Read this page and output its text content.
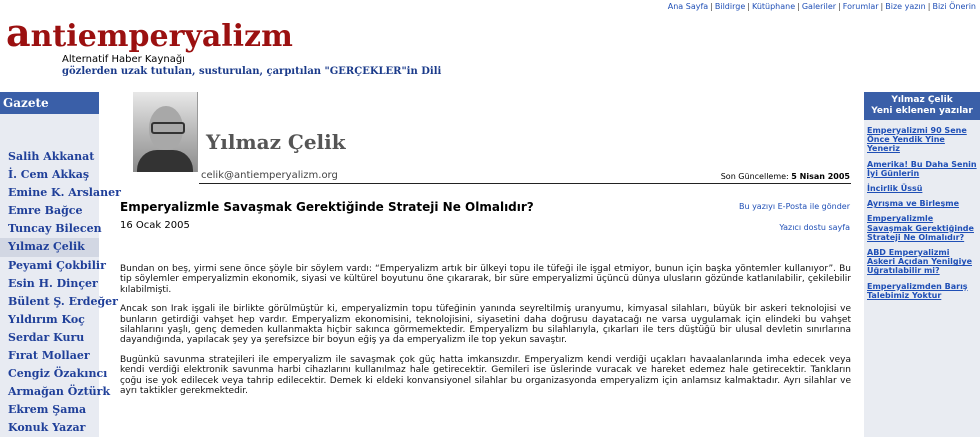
Ana Sayfa | Bildirge | Kütüphane | Galeriler | Forumlar | Bize yazın | Bizi Önerin
antiemperyalizm
Alternatif Haber Kaynağı
gözlerden uzak tutulan, susturulan, çarpıtılan "GERÇEKLER"in Dili
Gazete
Salih Akkanat
İ. Cem Akkaş
Emine K. Arslaner
Emre Bağce
Tuncay Bilecen
Yılmaz Çelik
Peyami Çokbilir
Esin H. Dinçer
Bülent Ş. Erdeğer
Yıldırım Koç
Serdar Kuru
Fırat Mollaer
Cengiz Özakıncı
Armağan Öztürk
Ekrem Şama
Konuk Yazar
Yılmaz Çelik
celik@antiemperyalizm.org	Son Güncelleme: 5 Nisan 2005
Emperyalizmle Savaşmak Gerektiğinde Strateji Ne Olmalıdır?
16 Ocak 2005
Bu yazıyı E-Posta ile gönder
Yazıcı dostu sayfa

Bundan on beş, yirmi sene önce şöyle bir söylem vardı: “Emperyalizm artık bir ülkeyi topu ile tüfeği ile işgal etmiyor, bunun için başka yöntemler kullanıyor”. Bu tip söylemler emperyalizmin ekonomik, siyasi ve kültürel boyutunu öne çıkararak, bir süre emperyalizmi üçüncü dünya ulusların gözünde katlanılabilir, çekilebilir kılabilmişti.

Ancak son Irak işgali ile birlikte görülmüştür ki, emperyalizmin topu tüfeğinin yanında seyreltilmiş uranyumu, kimyasal silahları, büyük bir askeri teknolojisi ve bunların getirdiği vahşet hep vardır. Emperyalizm ekonomisini, teknolojisini, siyasetini daha doğrusu dayatacağı ne varsa uygulamak için elindeki bu vahşet silahlarını yaşlı, genç demeden kullanmakta hiçbir sakınca görmemektedir. Emperyalizm bu silahlarıyla, çıkarları ile ters düştüğü bir ulusal devletin sınırlarına dayandığında, yapılacak şey ya şerefsizce bir boyun eğiş ya da emperyalizm ile top yekun savaştır.

Bugünkü savunma stratejileri ile emperyalizm ile savaşmak çok güç hatta imkansızdır. Emperyalizm kendi verdiği uçakları havaalanlarında imha edecek veya kendi verdiği elektronik savunma harbi cihazlarını kullanılmaz hale getirecektir. Gemileri ise üslerinde vuracak ve hareket edemez hale getirecektir. Tankların çoğu ise yok edilecek veya tahrip edilecektir. Demek ki eldeki konvansiyonel silahlar bu organizasyonda emperyalizm için anlamsız kalmaktadır. Ayrı silahlar ve ayrı taktikler gerekmektedir.

Yılmaz Çelik
Yeni eklenen yazılar
Emperyalizmi 90 Sene Önce Yendik Yine Yeneriz
Amerika! Bu Daha Senin İyi Günlerin
İncirlik Üssü
Ayrışma ve Birleşme
Emperyalizmle Savaşmak Gerektiğinde Strateji Ne Olmalıdır?
ABD Emperyalizmi Askeri Açıdan Yenilgiye Uğratılabilir mi?
Emperyalizmden Barış Talebimiz Yoktur
